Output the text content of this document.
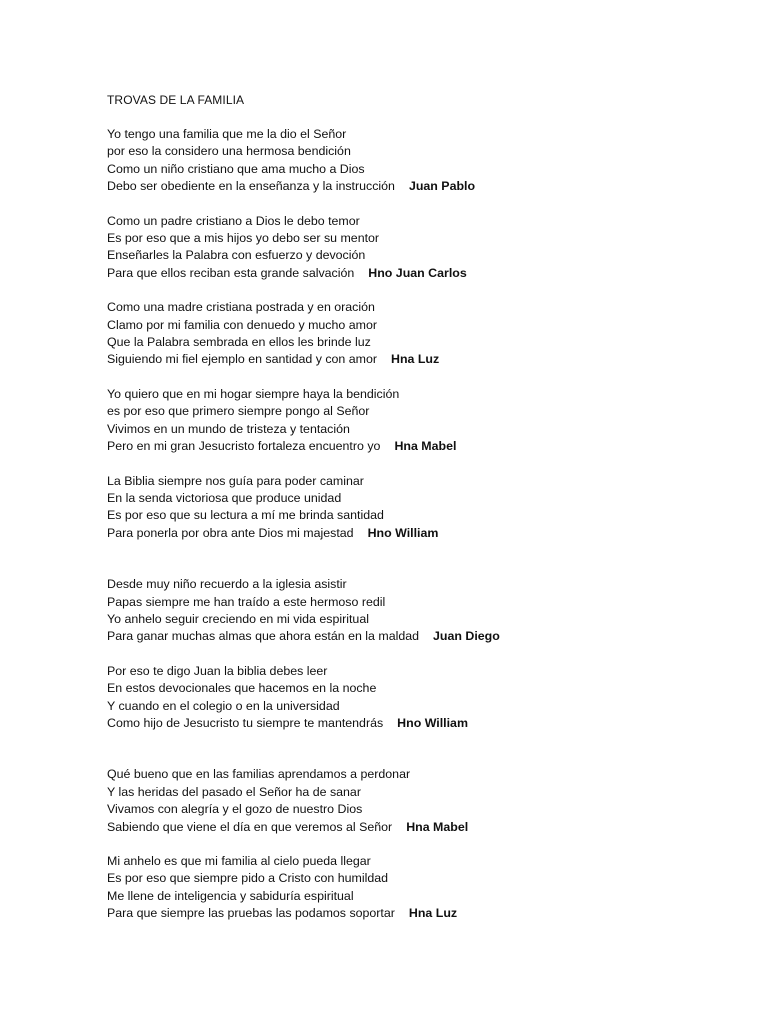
TROVAS DE LA FAMILIA
Yo tengo una familia que me la dio el Señor
por eso la considero una hermosa bendición
Como un niño cristiano que ama mucho a Dios
Debo ser obediente en la enseñanza y la instrucción Juan Pablo
Como un padre cristiano a Dios le debo temor
Es por eso que a mis hijos yo debo ser su mentor
Enseñarles la Palabra con esfuerzo y devoción
Para que ellos reciban esta grande salvación Hno Juan Carlos
Como una madre cristiana postrada y en oración
Clamo por mi familia con denuedo y mucho amor
Que la Palabra sembrada en ellos les brinde luz
Siguiendo mi fiel ejemplo en santidad y con amor Hna Luz
Yo quiero que en mi hogar siempre haya la bendición
es por eso que primero siempre pongo al Señor
Vivimos en un mundo de tristeza y tentación
Pero en mi gran Jesucristo fortaleza encuentro yo Hna Mabel
La Biblia siempre nos guía para poder caminar
En la senda victoriosa que produce unidad
Es por eso que su lectura a mí me brinda santidad
Para ponerla por obra ante Dios mi majestad Hno William
Desde muy niño recuerdo a la iglesia asistir
Papas siempre me han traído a este hermoso redil
Yo anhelo seguir creciendo en mi vida espiritual
Para ganar muchas almas que ahora están en la maldad Juan Diego
Por eso te digo Juan la biblia debes leer
En estos devocionales que hacemos en la noche
Y cuando en el colegio o en la universidad
Como hijo de Jesucristo tu siempre te mantendrás Hno William
Qué bueno que en las familias aprendamos a perdonar
Y las heridas del pasado el Señor ha de sanar
Vivamos con alegría y el gozo de nuestro Dios
Sabiendo que viene el día en que veremos al Señor Hna Mabel
Mi anhelo es que mi familia al cielo pueda llegar
Es por eso que siempre pido a Cristo con humildad
Me llene de inteligencia y sabiduría espiritual
Para que siempre las pruebas las podamos soportar Hna Luz
